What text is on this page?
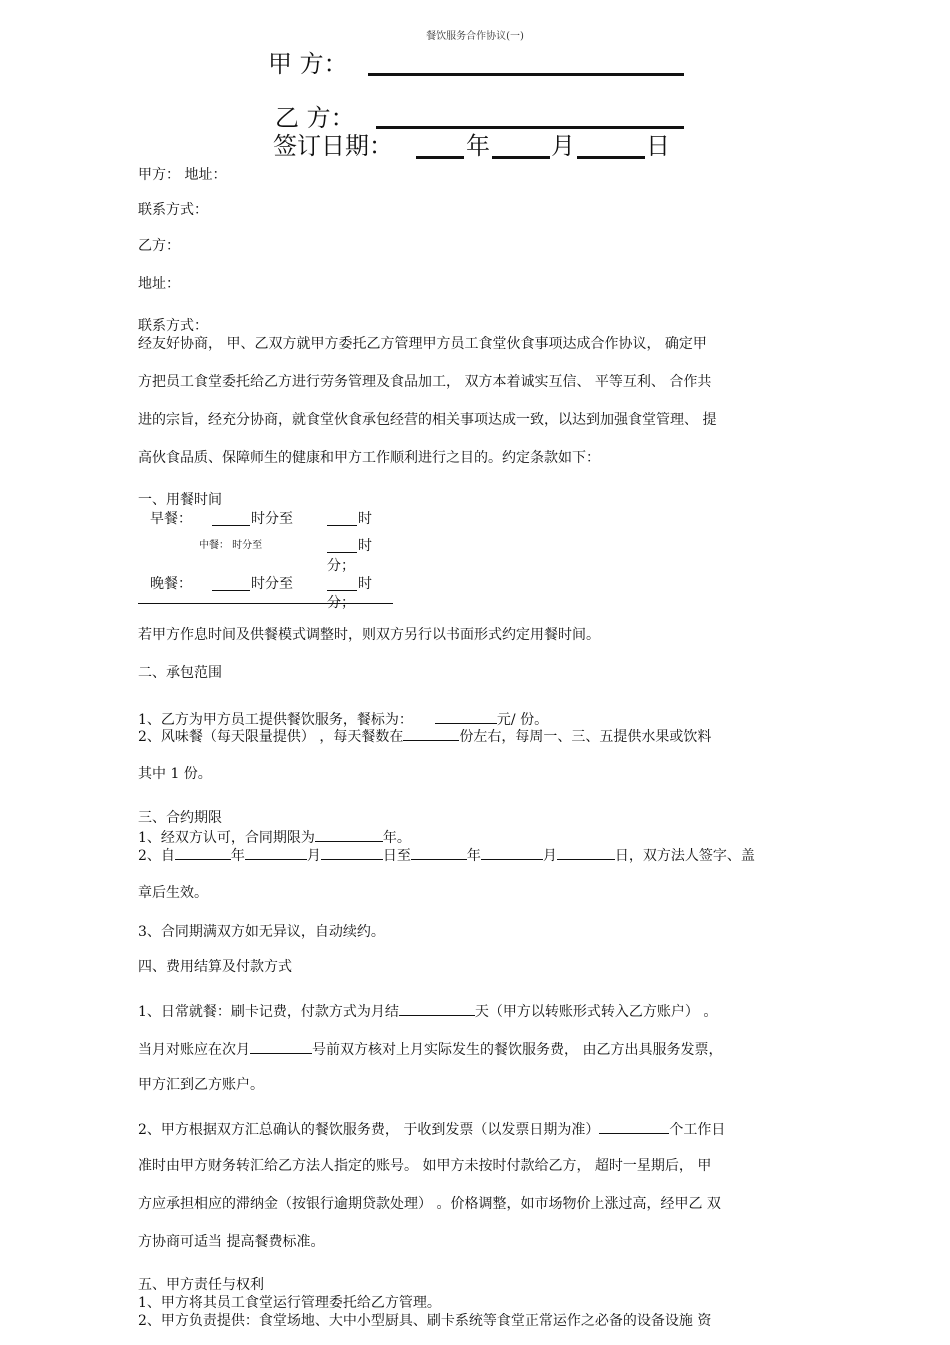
餐饮服务合作协议(一)
甲 方：
乙 方：
签订日期：	年	月	日
甲方： 地址：
联系方式：
乙方：
地址：
联系方式：
经友好协商， 甲、乙双方就甲方委托乙方管理甲方员工食堂伙食事项达成合作协议， 确定甲
方把员工食堂委托给乙方进行劳务管理及食品加工， 双方本着诚实互信、 平等互利、 合作共
进的宗旨，经充分协商，就食堂伙食承包经营的相关事项达成一致，以达到加强食堂管理、 提
高伙食品质、保障师生的健康和甲方工作顺利进行之目的。约定条款如下：
一、用餐时间
早餐：	时分至	时
中餐： 时分至	时
分；
晚餐：	时分至	时
分；
若甲方作息时间及供餐模式调整时，则双方另行以书面形式约定用餐时间。
二、承包范围
1、乙方为甲方员工提供餐饮服务，餐标为：	元/ 份。
2、风味餐（每天限量提供） ，每天餐数在	份左右，每周一、三、五提供水果或饮料
其中 1 份。
三、合约期限
1、经双方认可，合同期限为	年。
2、自	年	月	日至	年	月	日，双方法人签字、盖
章后生效。
3、合同期满双方如无异议，自动续约。
四、费用结算及付款方式
1、日常就餐：刷卡记费，付款方式为月结	天（甲方以转账形式转入乙方账户） 。
当月对账应在次月	号前双方核对上月实际发生的餐饮服务费， 由乙方出具服务发票，
甲方汇到乙方账户。
2、甲方根据双方汇总确认的餐饮服务费， 于收到发票（以发票日期为准）	个工作日
准时由甲方财务转汇给乙方法人指定的账号。 如甲方未按时付款给乙方， 超时一星期后， 甲
方应承担相应的滞纳金（按银行逾期贷款处理） 。价格调整，如市场物价上涨过高，经甲乙 双
方协商可适当 提高餐费标准。
五、甲方责任与权利
1、甲方将其员工食堂运行管理委托给乙方管理。
2、甲方负责提供：食堂场地、大中小型厨具、刷卡系统等食堂正常运作之必备的设备设施 资
